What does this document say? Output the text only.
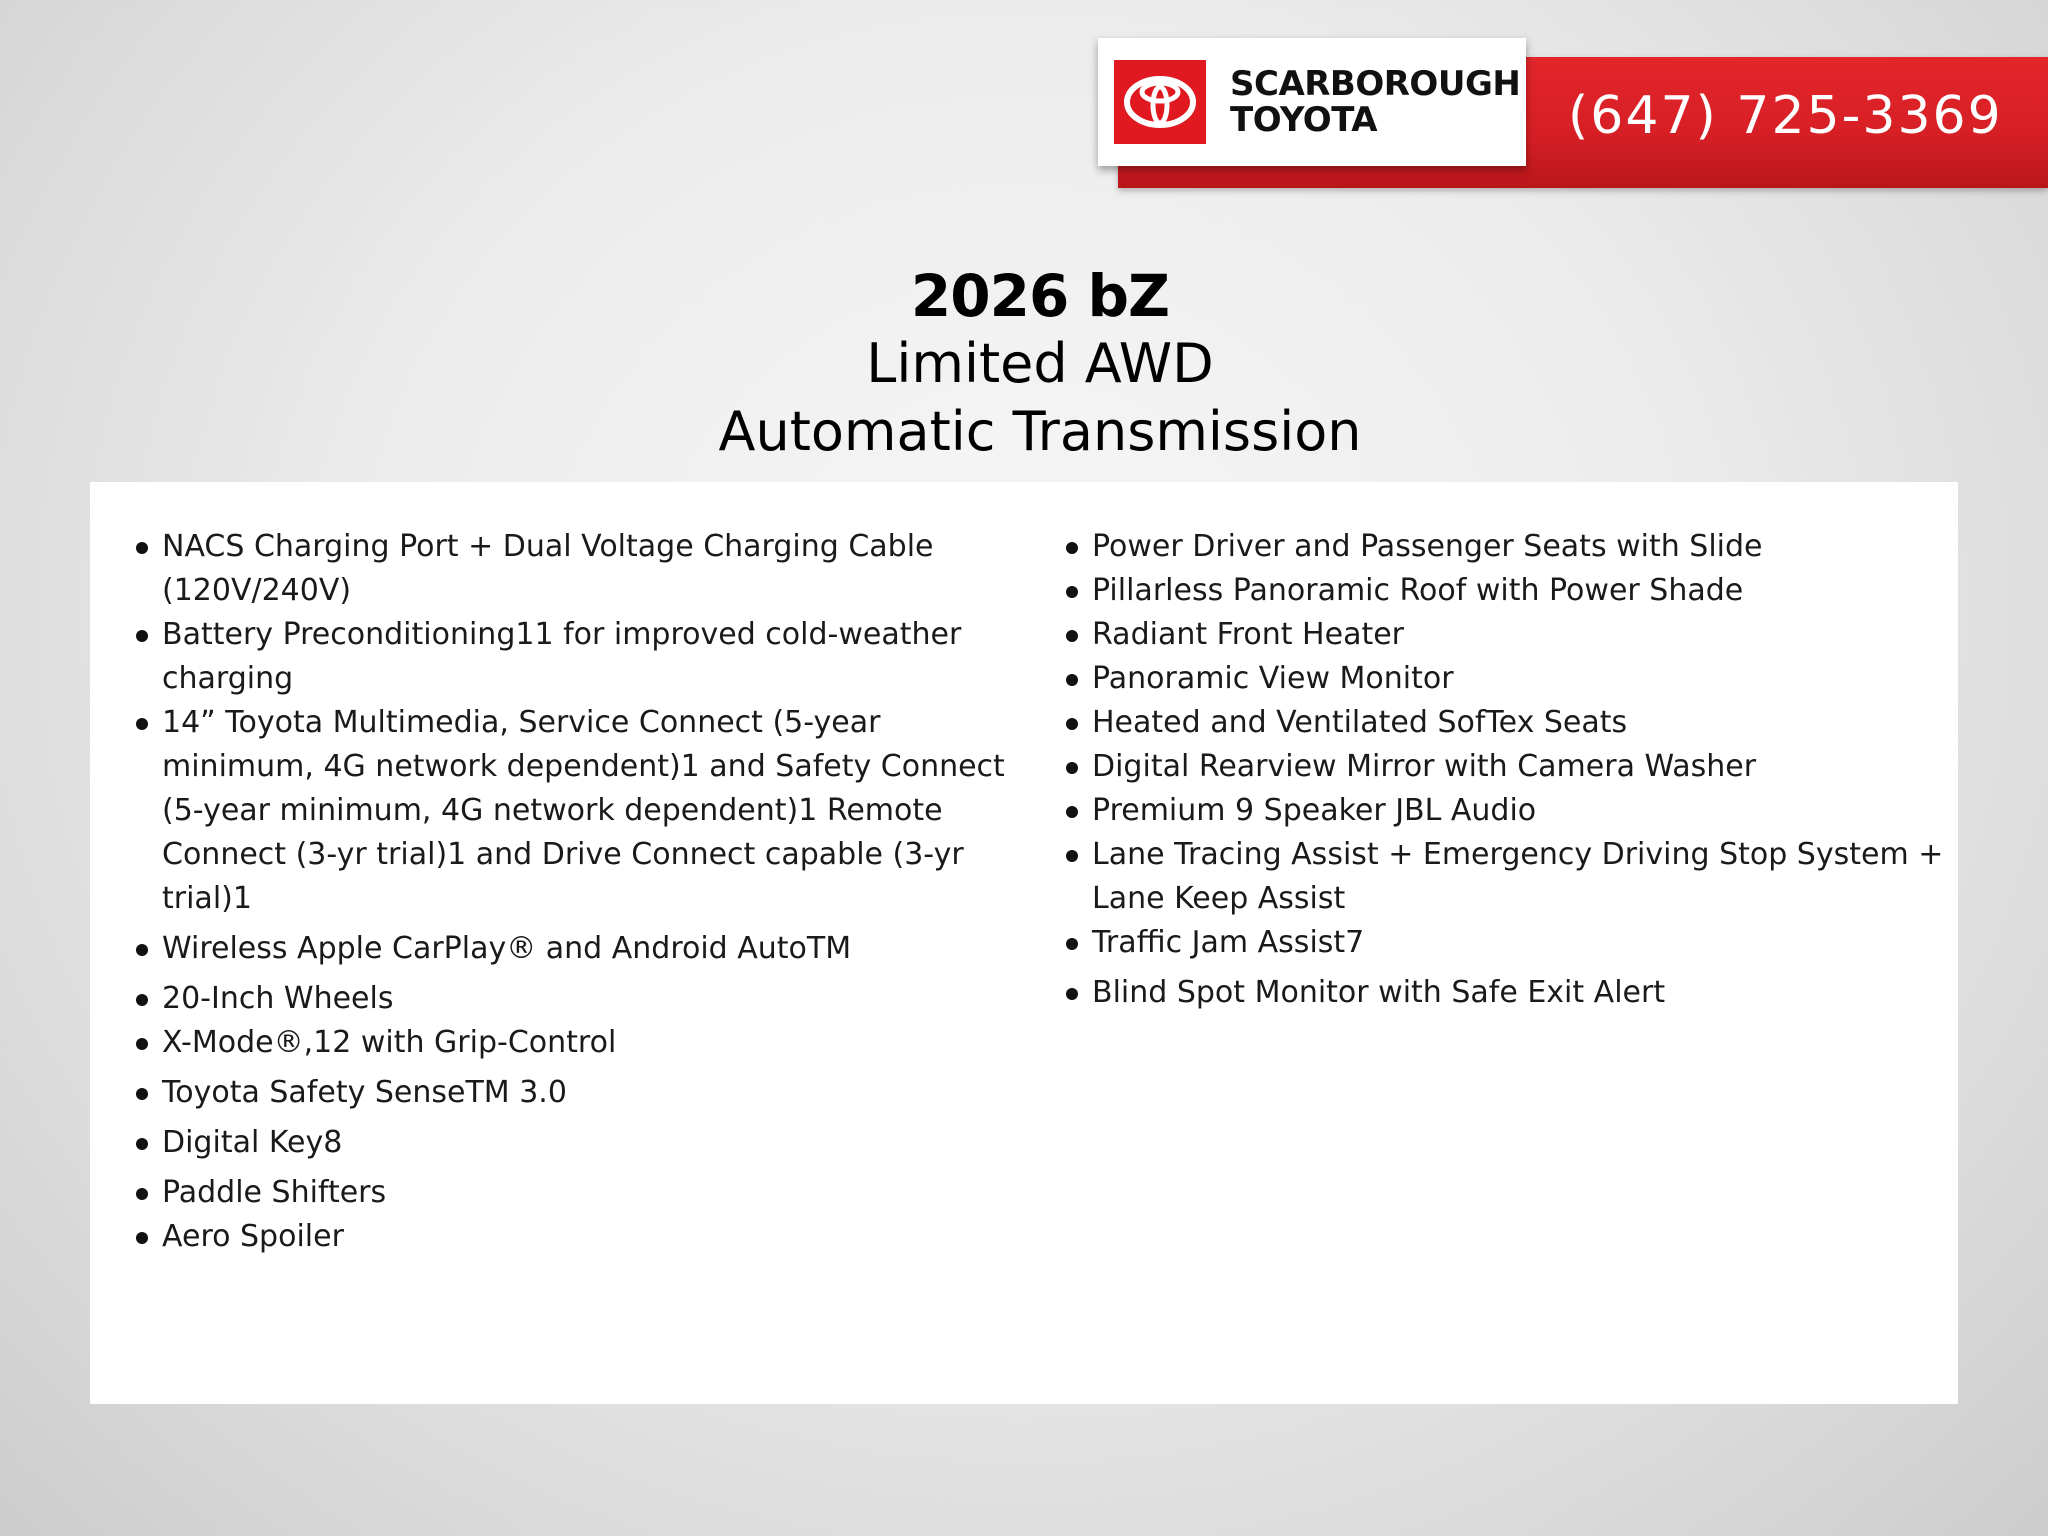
(647) 725-3369
SCARBOROUGH
TOYOTA
2026 bZ
Limited AWD
Automatic Transmission
NACS Charging Port + Dual Voltage Charging Cable (120V/240V)
Battery Preconditioning11 for improved cold-weather charging
14” Toyota Multimedia, Service Connect (5-year minimum, 4G network dependent)1 and Safety Connect (5-year minimum, 4G network dependent)1 Remote Connect (3-yr trial)1 and Drive Connect capable (3-yr trial)1
Wireless Apple CarPlay® and Android AutoTM
20-Inch Wheels
X-Mode®,12 with Grip-Control
Toyota Safety SenseTM 3.0
Digital Key8
Paddle Shifters
Aero Spoiler
Power Driver and Passenger Seats with Slide
Pillarless Panoramic Roof with Power Shade
Radiant Front Heater
Panoramic View Monitor
Heated and Ventilated SofTex Seats
Digital Rearview Mirror with Camera Washer
Premium 9 Speaker JBL Audio
Lane Tracing Assist + Emergency Driving Stop System + Lane Keep Assist
Traffic Jam Assist7
Blind Spot Monitor with Safe Exit Alert
